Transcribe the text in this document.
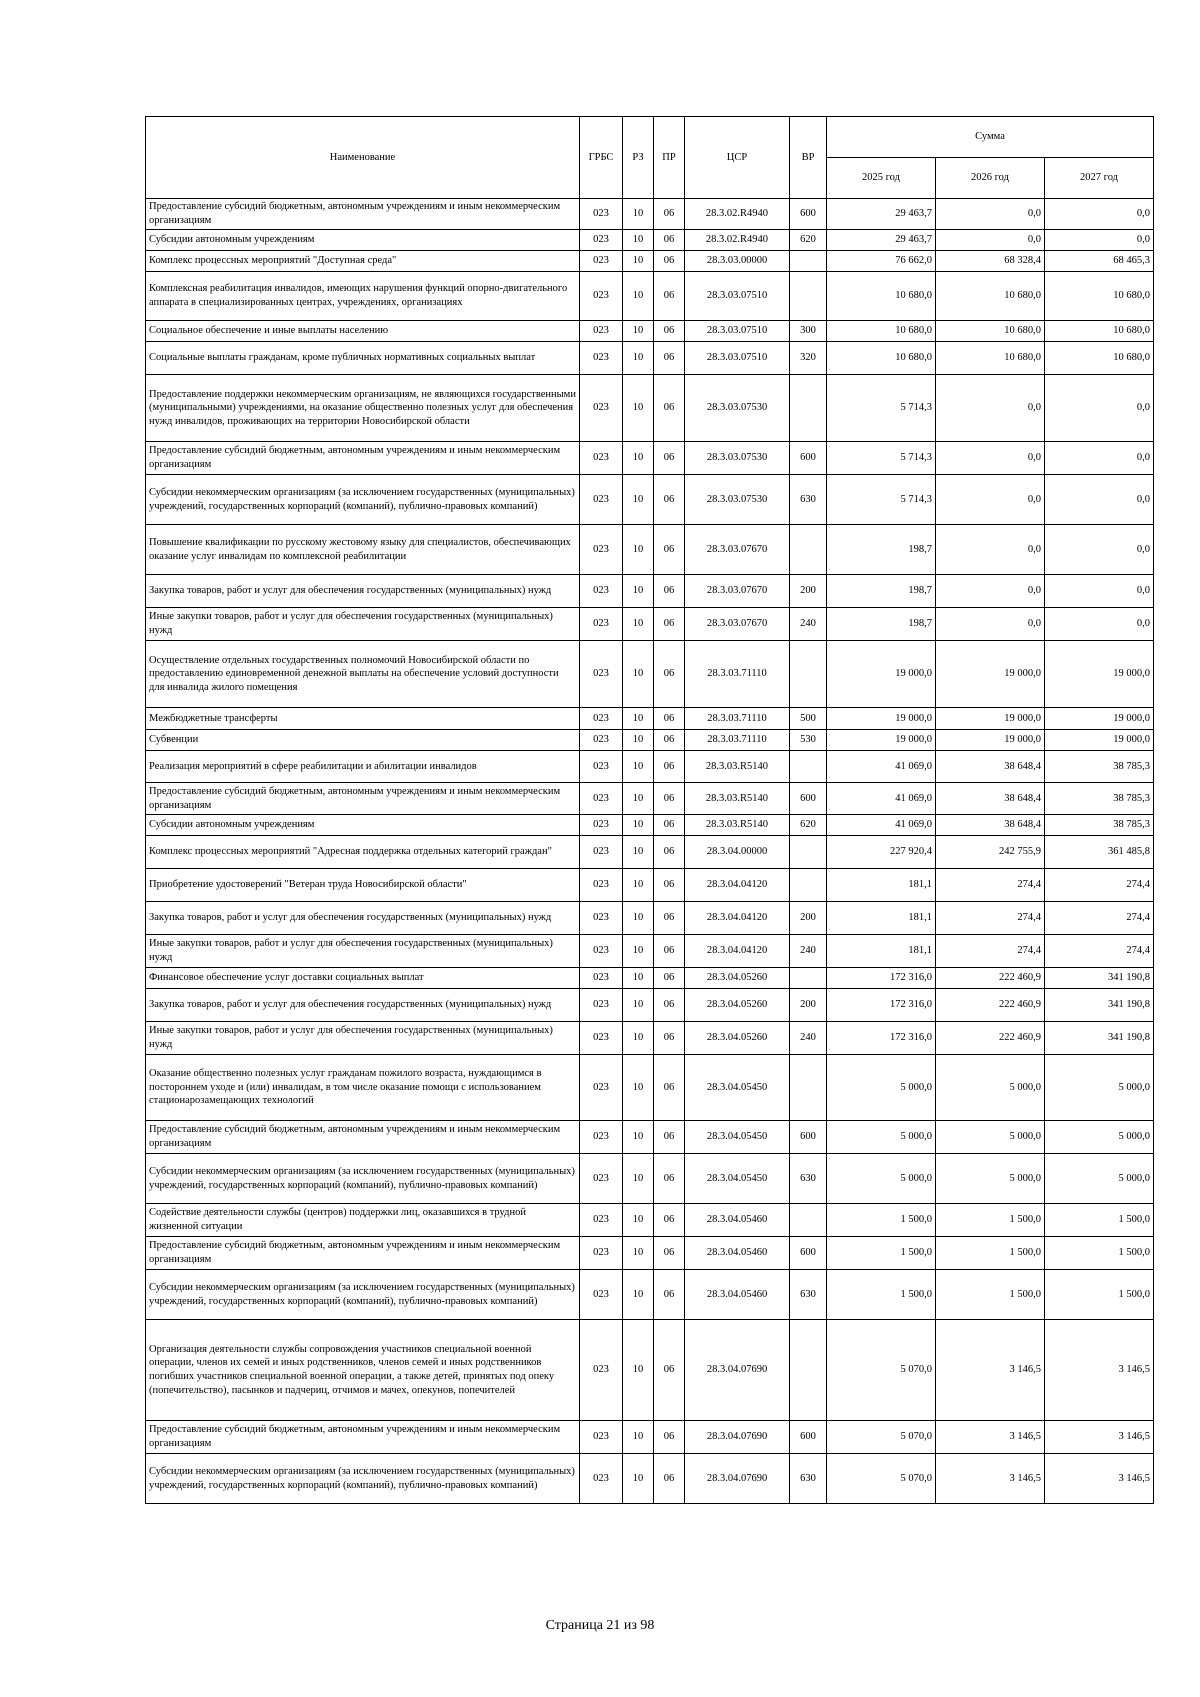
Наименование	ГРБС	РЗ	ПР	ЦСР	ВР	Сумма		
						2025 год	2026 год	2027 год
Предоставление субсидий бюджетным, автономным учреждениям и иным некоммерческим организациям	023	10	06	28.3.02.R4940	600	29 463,7	0,0	0,0
Субсидии автономным учреждениям	023	10	06	28.3.02.R4940	620	29 463,7	0,0	0,0
Комплекс процессных мероприятий "Доступная среда"	023	10	06	28.3.03.00000		76 662,0	68 328,4	68 465,3
Комплексная реабилитация инвалидов, имеющих нарушения функций опорно-двигательного аппарата в специализированных центрах, учреждениях, организациях	023	10	06	28.3.03.07510		10 680,0	10 680,0	10 680,0
Социальное обеспечение и иные выплаты населению	023	10	06	28.3.03.07510	300	10 680,0	10 680,0	10 680,0
Социальные выплаты гражданам, кроме публичных нормативных социальных выплат	023	10	06	28.3.03.07510	320	10 680,0	10 680,0	10 680,0
Предоставление поддержки некоммерческим организациям, не являющихся государственными (муниципальными) учреждениями, на оказание общественно полезных услуг для обеспечения нужд инвалидов, проживающих на территории Новосибирской области	023	10	06	28.3.03.07530		5 714,3	0,0	0,0
Предоставление субсидий бюджетным, автономным учреждениям и иным некоммерческим организациям	023	10	06	28.3.03.07530	600	5 714,3	0,0	0,0
Субсидии некоммерческим организациям (за исключением государственных (муниципальных) учреждений, государственных корпораций (компаний), публично-правовых компаний)	023	10	06	28.3.03.07530	630	5 714,3	0,0	0,0
Повышение квалификации по русскому жестовому языку для специалистов, обеспечивающих оказание услуг инвалидам по комплексной реабилитации	023	10	06	28.3.03.07670		198,7	0,0	0,0
Закупка товаров, работ и услуг для обеспечения государственных (муниципальных) нужд	023	10	06	28.3.03.07670	200	198,7	0,0	0,0
Иные закупки товаров, работ и услуг для обеспечения государственных (муниципальных) нужд	023	10	06	28.3.03.07670	240	198,7	0,0	0,0
Осуществление отдельных государственных полномочий Новосибирской области по предоставлению единовременной денежной выплаты на обеспечение условий доступности для инвалида жилого помещения	023	10	06	28.3.03.71110		19 000,0	19 000,0	19 000,0
Межбюджетные трансферты	023	10	06	28.3.03.71110	500	19 000,0	19 000,0	19 000,0
Субвенции	023	10	06	28.3.03.71110	530	19 000,0	19 000,0	19 000,0
Реализация мероприятий в сфере реабилитации и абилитации инвалидов	023	10	06	28.3.03.R5140		41 069,0	38 648,4	38 785,3
Предоставление субсидий бюджетным, автономным учреждениям и иным некоммерческим организациям	023	10	06	28.3.03.R5140	600	41 069,0	38 648,4	38 785,3
Субсидии автономным учреждениям	023	10	06	28.3.03.R5140	620	41 069,0	38 648,4	38 785,3
Комплекс процессных мероприятий "Адресная поддержка отдельных категорий граждан"	023	10	06	28.3.04.00000		227 920,4	242 755,9	361 485,8
Приобретение удостоверений "Ветеран труда Новосибирской области"	023	10	06	28.3.04.04120		181,1	274,4	274,4
Закупка товаров, работ и услуг для обеспечения государственных (муниципальных) нужд	023	10	06	28.3.04.04120	200	181,1	274,4	274,4
Иные закупки товаров, работ и услуг для обеспечения государственных (муниципальных) нужд	023	10	06	28.3.04.04120	240	181,1	274,4	274,4
Финансовое обеспечение услуг доставки социальных выплат	023	10	06	28.3.04.05260		172 316,0	222 460,9	341 190,8
Закупка товаров, работ и услуг для обеспечения государственных (муниципальных) нужд	023	10	06	28.3.04.05260	200	172 316,0	222 460,9	341 190,8
Иные закупки товаров, работ и услуг для обеспечения государственных (муниципальных) нужд	023	10	06	28.3.04.05260	240	172 316,0	222 460,9	341 190,8
Оказание общественно полезных услуг гражданам пожилого возраста, нуждающимся в постороннем уходе и (или) инвалидам, в том числе оказание помощи с использованием стационарозамещающих технологий	023	10	06	28.3.04.05450		5 000,0	5 000,0	5 000,0
Предоставление субсидий бюджетным, автономным учреждениям и иным некоммерческим организациям	023	10	06	28.3.04.05450	600	5 000,0	5 000,0	5 000,0
Субсидии некоммерческим организациям (за исключением государственных (муниципальных) учреждений, государственных корпораций (компаний), публично-правовых компаний)	023	10	06	28.3.04.05450	630	5 000,0	5 000,0	5 000,0
Содействие деятельности службы (центров) поддержки лиц, оказавшихся в трудной жизненной ситуации	023	10	06	28.3.04.05460		1 500,0	1 500,0	1 500,0
Предоставление субсидий бюджетным, автономным учреждениям и иным некоммерческим организациям	023	10	06	28.3.04.05460	600	1 500,0	1 500,0	1 500,0
Субсидии некоммерческим организациям (за исключением государственных (муниципальных) учреждений, государственных корпораций (компаний), публично-правовых компаний)	023	10	06	28.3.04.05460	630	1 500,0	1 500,0	1 500,0
Организация деятельности службы сопровождения участников специальной военной операции, членов их семей и иных родственников, членов семей и иных родственников погибших участников специальной военной операции, а также детей, принятых под опеку (попечительство), пасынков и падчериц, отчимов и мачех, опекунов, попечителей	023	10	06	28.3.04.07690		5 070,0	3 146,5	3 146,5
Предоставление субсидий бюджетным, автономным учреждениям и иным некоммерческим организациям	023	10	06	28.3.04.07690	600	5 070,0	3 146,5	3 146,5
Субсидии некоммерческим организациям (за исключением государственных (муниципальных) учреждений, государственных корпораций (компаний), публично-правовых компаний)	023	10	06	28.3.04.07690	630	5 070,0	3 146,5	3 146,5
Страница 21 из 98
